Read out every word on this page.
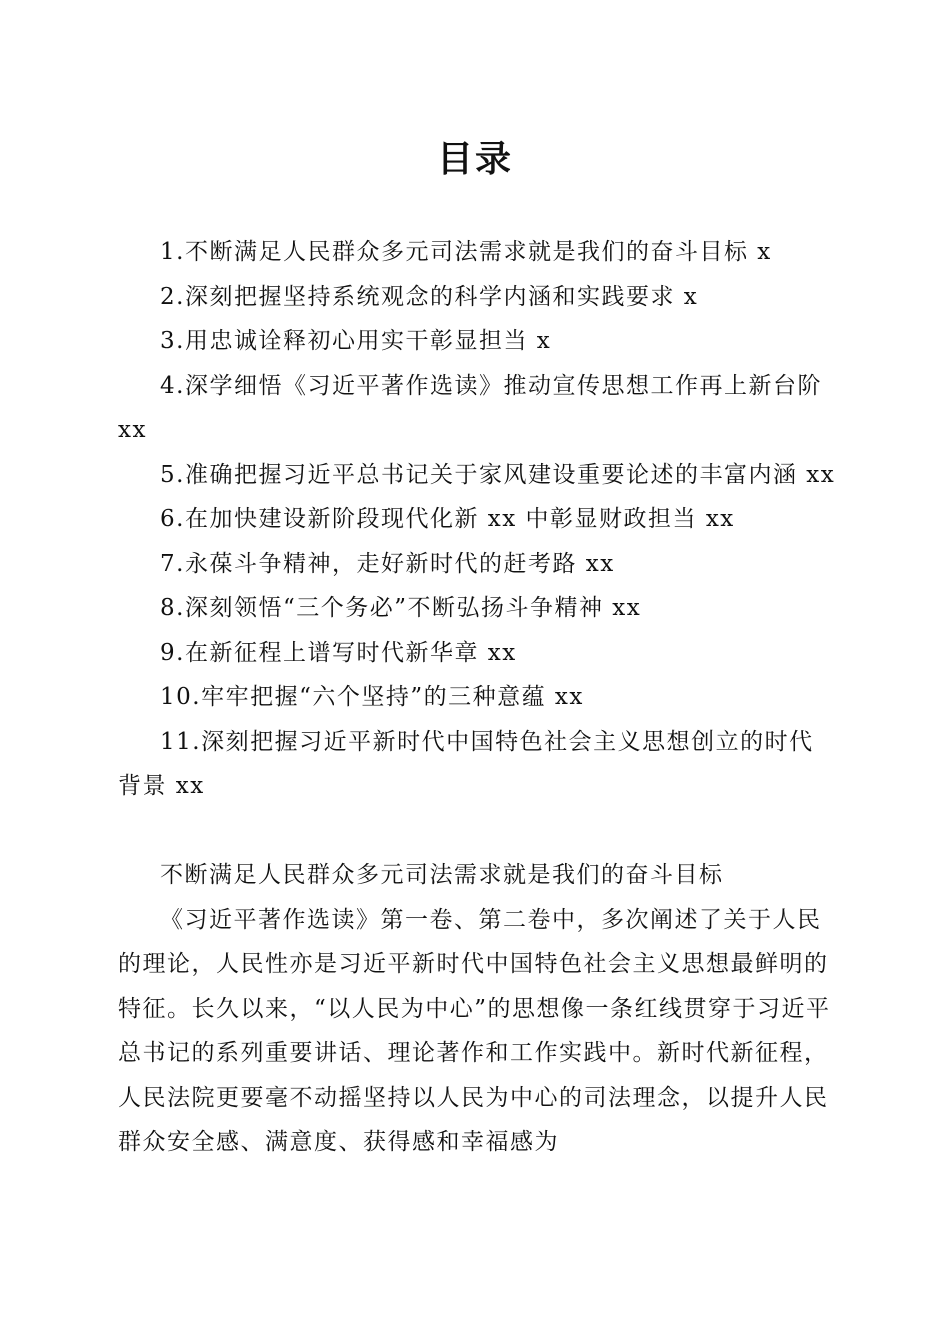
目录
1.不断满足人民群众多元司法需求就是我们的奋斗目标 x
2.深刻把握坚持系统观念的科学内涵和实践要求 x
3.用忠诚诠释初心用实干彰显担当 x
4.深学细悟《习近平著作选读》推动宣传思想工作再上新台阶 xx
5.准确把握习近平总书记关于家风建设重要论述的丰富内涵 xx
6.在加快建设新阶段现代化新 xx 中彰显财政担当 xx
7.永葆斗争精神，走好新时代的赶考路 xx
8.深刻领悟“三个务必”不断弘扬斗争精神 xx
9.在新征程上谱写时代新华章 xx
10.牢牢把握“六个坚持”的三种意蕴 xx
11.深刻把握习近平新时代中国特色社会主义思想创立的时代背景 xx

不断满足人民群众多元司法需求就是我们的奋斗目标

《习近平著作选读》第一卷、第二卷中，多次阐述了关于人民的理论，人民性亦是习近平新时代中国特色社会主义思想最鲜明的特征。长久以来，“以人民为中心”的思想像一条红线贯穿于习近平总书记的系列重要讲话、理论著作和工作实践中。新时代新征程，人民法院更要毫不动摇坚持以人民为中心的司法理念，以提升人民群众安全感、满意度、获得感和幸福感为
